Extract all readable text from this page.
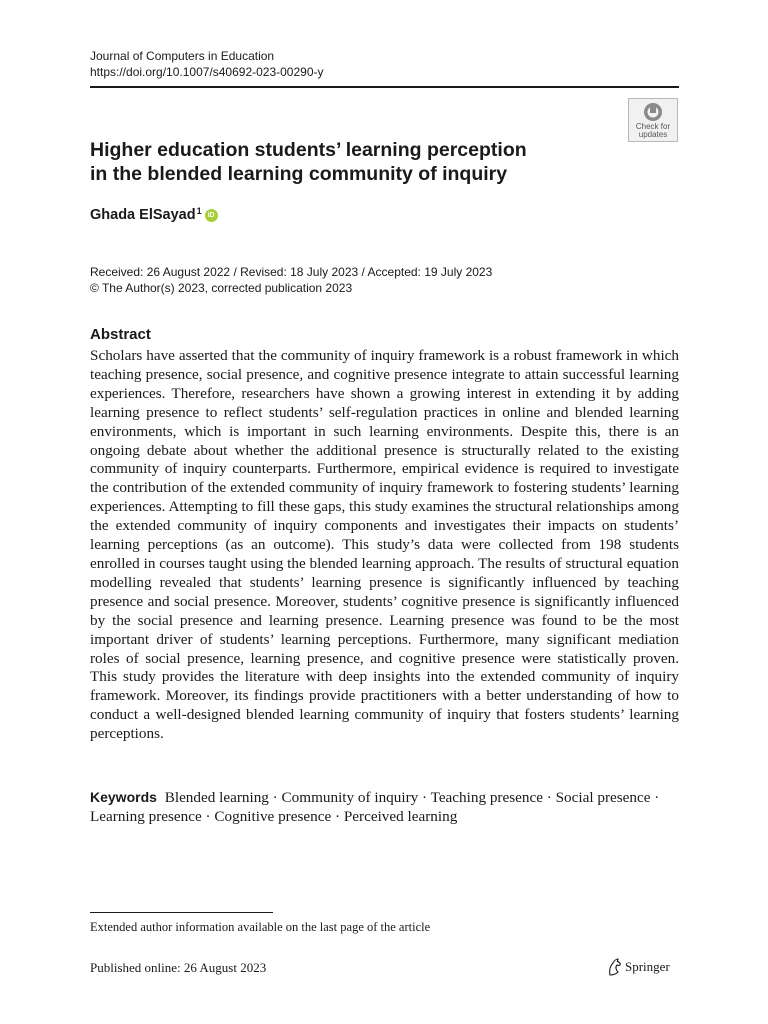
Journal of Computers in Education
https://doi.org/10.1007/s40692-023-00290-y
Check for
updates
Higher education students’ learning perception
in the blended learning community of inquiry
Ghada ElSayad$^1$ iD
Received: 26 August 2022 / Revised: 18 July 2023 / Accepted: 19 July 2023
© The Author(s) 2023, corrected publication 2023
Abstract

Scholars have asserted that the community of inquiry framework is a robust framework in which teaching presence, social presence, and cognitive presence integrate to attain successful learning experiences. Therefore, researchers have shown a growing interest in extending it by adding learning presence to reflect students’ self-regulation practices in online and blended learning environments, which is important in such learning environments. Despite this, there is an ongoing debate about whether the additional presence is structurally related to the existing community of inquiry counterparts. Furthermore, empirical evidence is required to investigate the contribution of the extended community of inquiry framework to fostering students’ learning experiences. Attempting to fill these gaps, this study examines the structural relationships among the extended community of inquiry components and investigates their impacts on students’ learning perceptions (as an outcome). This study’s data were collected from 198 students enrolled in courses taught using the blended learning approach. The results of structural equation modelling revealed that students’ learning presence is significantly influenced by teaching presence and social presence. Moreover, students’ cognitive presence is significantly influenced by the social presence and learning presence. Learning presence was found to be the most important driver of students’ learning perceptions. Furthermore, many significant mediation roles of social presence, learning presence, and cognitive presence were statistically proven. This study provides the literature with deep insights into the extended community of inquiry framework. Moreover, its findings provide practitioners with a better understanding of how to conduct a well-designed blended learning community of inquiry that fosters students’ learning perceptions.

Keywords Blended learning · Community of inquiry · Teaching presence · Social presence · Learning presence · Cognitive presence · Perceived learning

Extended author information available on the last page of the article
Published online: 26 August 2023	Springer
